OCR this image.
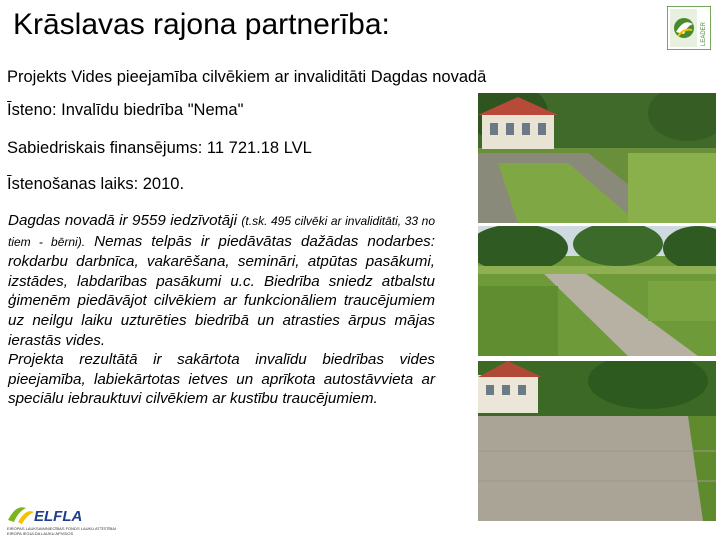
Krāslavas rajona partnerība:	LEADER
Projekts Vides pieejamība cilvēkiem ar invaliditāti Dagdas novadā
Īsteno: Invalīdu biedrība "Nema"
Sabiedriskais finansējums: 11 721.18 LVL
Īstenošanas laiks: 2010.

Dagdas novadā ir 9559 iedzīvotāji (t.sk. 495 cilvēki ar invaliditāti, 33 no tiem - bērni). Nemas telpās ir piedāvātas dažādas nodarbes: rokdarbu darbnīca, vakarēšana, semināri, atpūtas pasākumi, izstādes, labdarības pasākumi u.c. Biedrība sniedz atbalstu ģimenēm piedāvājot cilvēkiem ar funkcionāliem traucējumiem uz neilgu laiku uzturēties biedrībā un atrasties ārpus mājas ierastās vides.

Projekta rezultātā ir sakārtota invalīdu biedrības vides pieejamība, labiekārtotas ietves un aprīkota autostāvvieta ar speciālu iebrauktuvi cilvēkiem ar kustību traucējumiem.

ELFLA
EIROPAS LAUKSAIMNIECĪBAS FONDS LAUKU ATTĪSTĪBAI
EIROPA IEGULDA LAUKU APVIDOS
